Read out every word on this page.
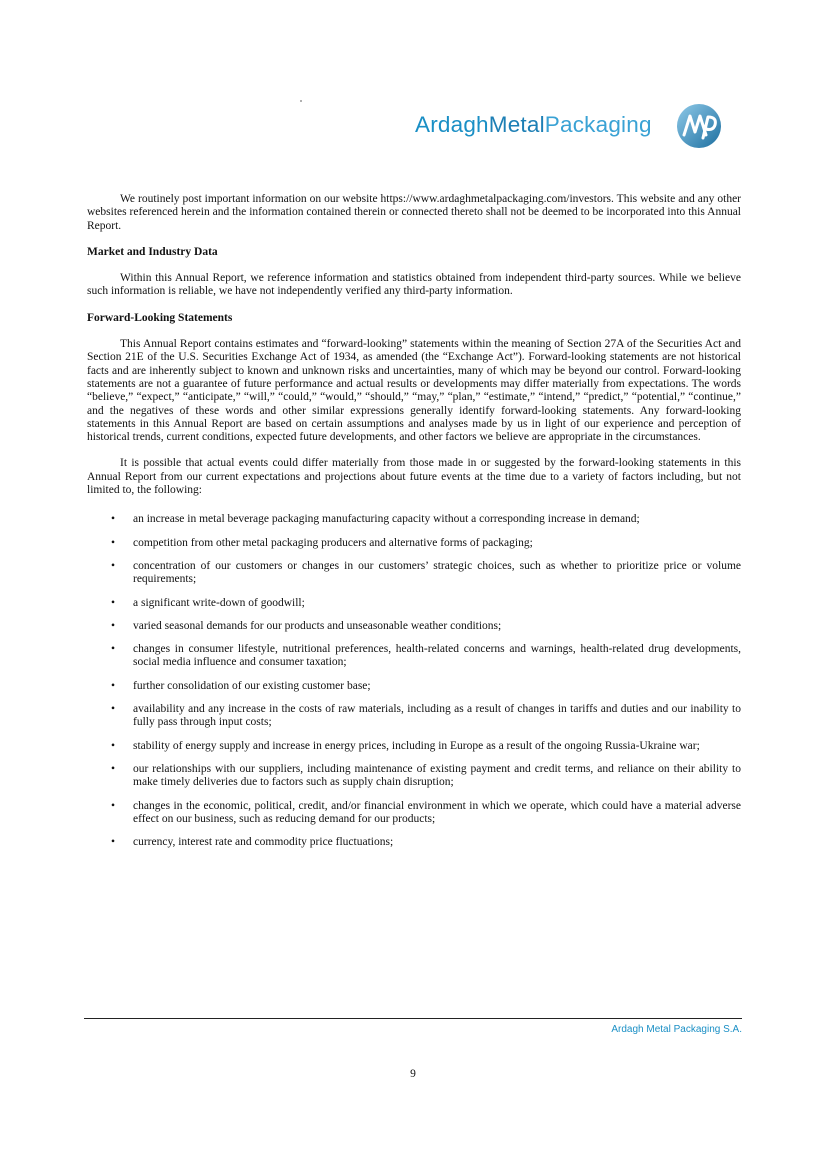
ArdaghMetalPackaging

We routinely post important information on our website https://www.ardaghmetalpackaging.com/investors. This website and any other websites referenced herein and the information contained therein or connected thereto shall not be deemed to be incorporated into this Annual Report.

Market and Industry Data

Within this Annual Report, we reference information and statistics obtained from independent third-party sources. While we believe such information is reliable, we have not independently verified any third-party information.

Forward-Looking Statements

This Annual Report contains estimates and “forward-looking” statements within the meaning of Section 27A of the Securities Act and Section 21E of the U.S. Securities Exchange Act of 1934, as amended (the “Exchange Act”). Forward-looking statements are not historical facts and are inherently subject to known and unknown risks and uncertainties, many of which may be beyond our control. Forward-looking statements are not a guarantee of future performance and actual results or developments may differ materially from expectations. The words “believe,” “expect,” “anticipate,” “will,” “could,” “would,” “should,” “may,” “plan,” “estimate,” “intend,” “predict,” “potential,” “continue,” and the negatives of these words and other similar expressions generally identify forward-looking statements. Any forward-looking statements in this Annual Report are based on certain assumptions and analyses made by us in light of our experience and perception of historical trends, current conditions, expected future developments, and other factors we believe are appropriate in the circumstances.

It is possible that actual events could differ materially from those made in or suggested by the forward-looking statements in this Annual Report from our current expectations and projections about future events at the time due to a variety of factors including, but not limited to, the following:

• an increase in metal beverage packaging manufacturing capacity without a corresponding increase in demand;
• competition from other metal packaging producers and alternative forms of packaging;
• concentration of our customers or changes in our customers’ strategic choices, such as whether to prioritize price or volume requirements;
• a significant write-down of goodwill;
• varied seasonal demands for our products and unseasonable weather conditions;
• changes in consumer lifestyle, nutritional preferences, health-related concerns and warnings, health-related drug developments, social media influence and consumer taxation;
• further consolidation of our existing customer base;
• availability and any increase in the costs of raw materials, including as a result of changes in tariffs and duties and our inability to fully pass through input costs;
• stability of energy supply and increase in energy prices, including in Europe as a result of the ongoing Russia-Ukraine war;
• our relationships with our suppliers, including maintenance of existing payment and credit terms, and reliance on their ability to make timely deliveries due to factors such as supply chain disruption;
• changes in the economic, political, credit, and/or financial environment in which we operate, which could have a material adverse effect on our business, such as reducing demand for our products;
• currency, interest rate and commodity price fluctuations;
Ardagh Metal Packaging S.A.
9
